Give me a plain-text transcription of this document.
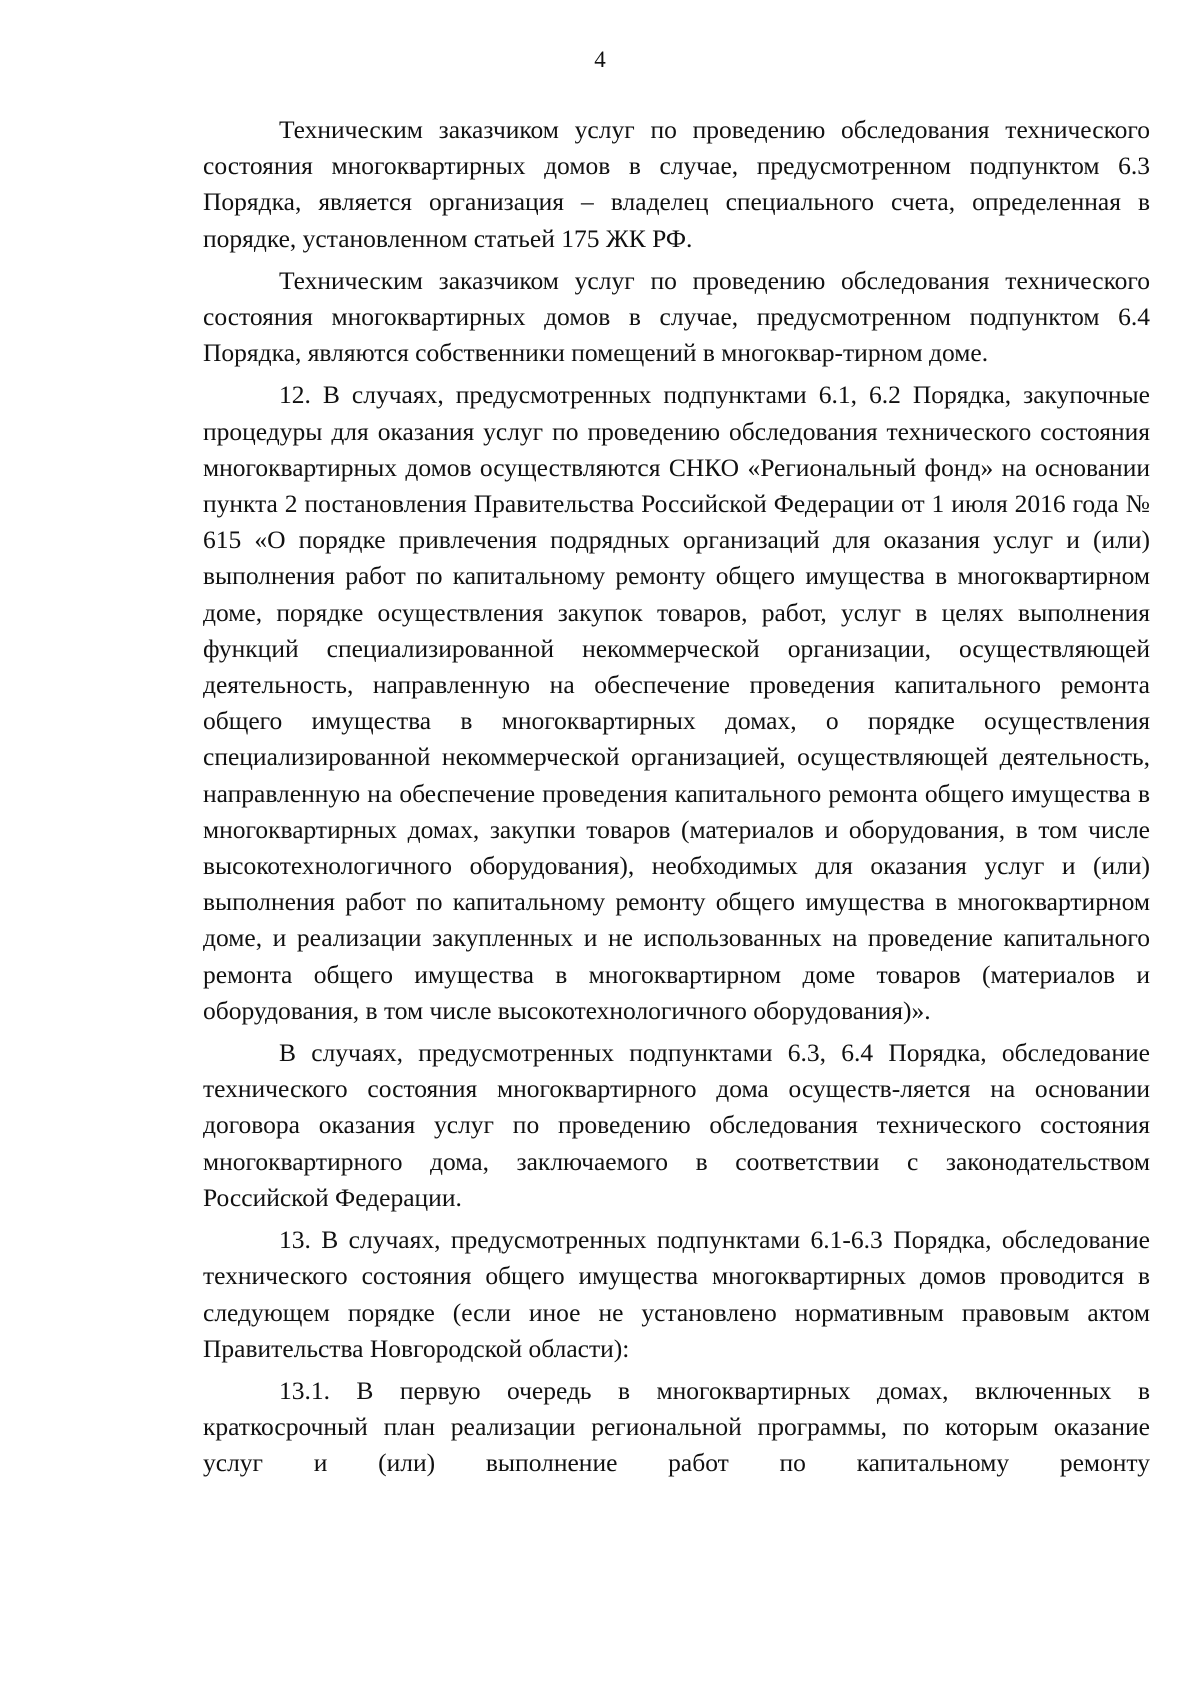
4

Техническим заказчиком услуг по проведению обследования технического состояния многоквартирных домов в случае, предусмотренном подпунктом 6.3 Порядка, является организация – владелец специального счета, определенная в порядке, установленном статьей 175 ЖК РФ.

Техническим заказчиком услуг по проведению обследования технического состояния многоквартирных домов в случае, предусмотренном подпунктом 6.4 Порядка, являются собственники помещений в многоквар-тирном доме.

12. В случаях, предусмотренных подпунктами 6.1, 6.2 Порядка, закупочные процедуры для оказания услуг по проведению обследования технического состояния многоквартирных домов осуществляются СНКО «Региональный фонд» на основании пункта 2 постановления Правительства Российской Федерации от 1 июля 2016 года № 615 «О порядке привлечения подрядных организаций для оказания услуг и (или) выполнения работ по капитальному ремонту общего имущества в многоквартирном доме, порядке осуществления закупок товаров, работ, услуг в целях выполнения функций специализированной некоммерческой организации, осуществляющей деятельность, направленную на обеспечение проведения капитального ремонта общего имущества в многоквартирных домах, о порядке осуществления специализированной некоммерческой организацией, осуществляющей деятельность, направленную на обеспечение проведения капитального ремонта общего имущества в многоквартирных домах, закупки товаров (материалов и оборудования, в том числе высокотехнологичного оборудования), необходимых для оказания услуг и (или) выполнения работ по капитальному ремонту общего имущества в многоквартирном доме, и реализации закупленных и не использованных на проведение капитального ремонта общего имущества в многоквартирном доме товаров (материалов и оборудования, в том числе высокотехнологичного оборудования)».

В случаях, предусмотренных подпунктами 6.3, 6.4 Порядка, обследование технического состояния многоквартирного дома осуществ-ляется на основании договора оказания услуг по проведению обследования технического состояния многоквартирного дома, заключаемого в соответствии с законодательством Российской Федерации.

13. В случаях, предусмотренных подпунктами 6.1-6.3 Порядка, обследование технического состояния общего имущества многоквартирных домов проводится в следующем порядке (если иное не установлено нормативным правовым актом Правительства Новгородской области):

13.1. В первую очередь в многоквартирных домах, включенных в краткосрочный план реализации региональной программы, по которым оказание услуг и (или) выполнение работ по капитальному ремонту
